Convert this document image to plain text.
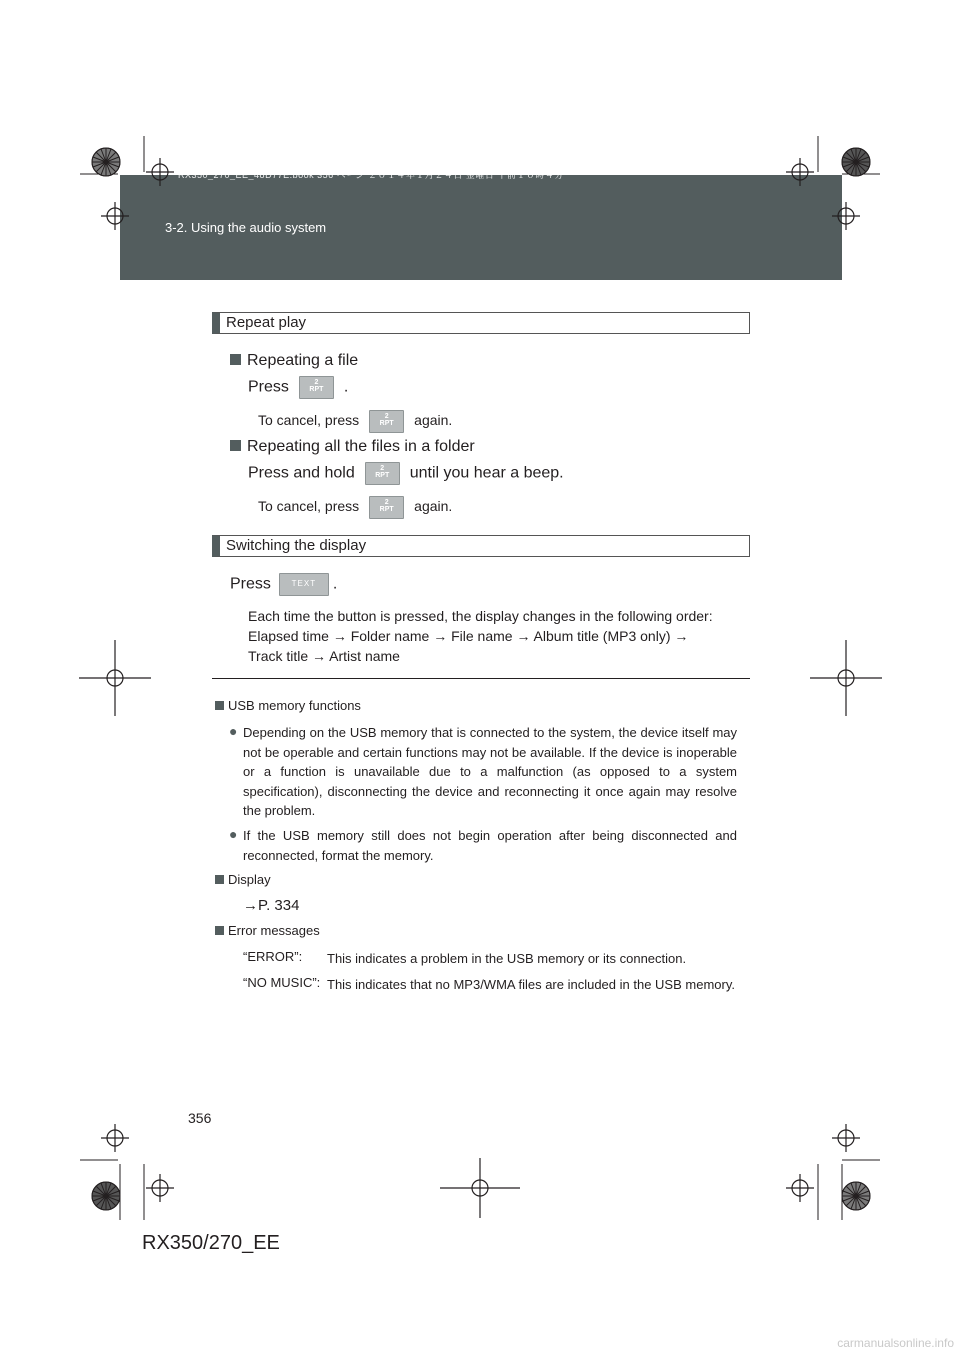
RX350_270_EE_48D77E.book 356 ページ ２０１４年１月２４日 金曜日 午前１０時４分
3-2. Using the audio system
Repeat play
Repeating a file
Press	2
RPT	.
To cancel, press	2
RPT	again.
Repeating all the files in a folder
Press and hold	2
RPT	until you hear a beep.
To cancel, press	2
RPT	again.
Switching the display
Press	TEXT	.
Each time the button is pressed, the display changes in the following order:
Elapsed time → Folder name → File name → Album title (MP3 only) →
Track title → Artist name
USB memory functions
● Depending on the USB memory that is connected to the system, the device itself may not be operable and certain functions may not be available. If the device is inoperable or a function is unavailable due to a malfunction (as opposed to a system specification), disconnecting the device and reconnecting it once again may resolve the problem.
● If the USB memory still does not begin operation after being disconnected and reconnected, format the memory.
Display
→P. 334
Error messages
“ERROR”: This indicates a problem in the USB memory or its connection.
“NO MUSIC”: This indicates that no MP3/WMA files are included in the USB memory.
356
RX350/270_EE
carmanualsonline.info
